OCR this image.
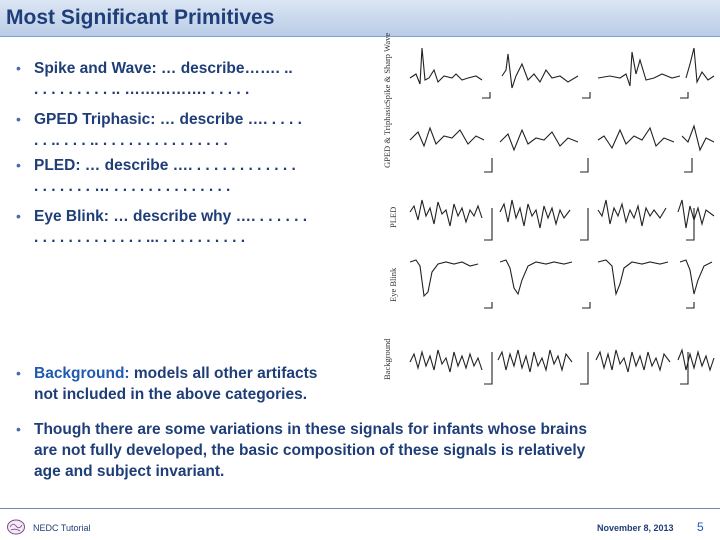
Most Significant Primitives
• Spike and Wave: … describe……. ..
. . . . . . . . . .. ……………. . . . . .
• GPED Triphasic: … describe …. . . . .
. . .. . . . .. . . . . . . . . . . . . . . .
• PLED: … describe …. . . . . . . . . . . . .
. . . . . . . … . . . . . . . . . . . . . .
• Eye Blink: … describe why …. . . . . . .
. . . . . . . . . . . . . ... . . . . . . . . . .
• Background: models all other artifacts
not included in the above categories.
• Though there are some variations in these signals for infants whose brains
are not fully developed, the basic composition of these signals is relatively
age and subject invariant.
Spike & Sharp Wave
GPED & Triphasic
PLED
Eye Blink
Background
NEDC Tutorial	November 8, 2013 5
